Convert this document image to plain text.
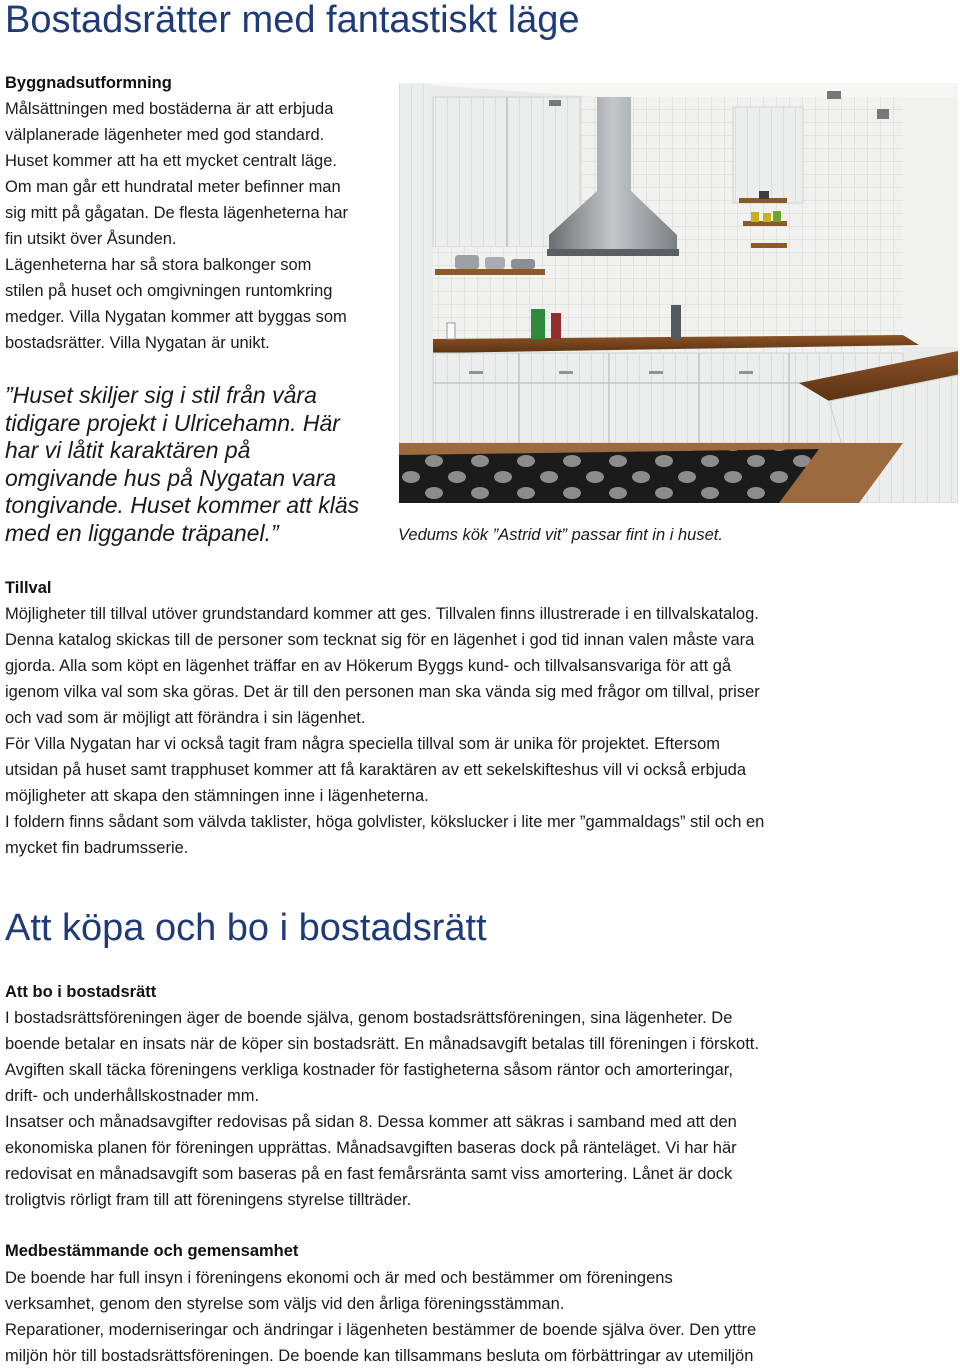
Bostadsrätter med fantastiskt läge
Byggnadsutformning
Målsättningen med bostäderna är att erbjuda
välplanerade lägenheter med god standard.
Huset kommer att ha ett mycket centralt läge.
Om man går ett hundratal meter befinner man
sig mitt på gågatan. De flesta lägenheterna har
fin utsikt över Åsunden.
Lägenheterna har så stora balkonger som
stilen på huset och omgivningen runtomkring
medger. Villa Nygatan kommer att byggas som
bostadsrätter. Villa Nygatan är unikt.
”Huset skiljer sig i stil från våra
tidigare projekt i Ulricehamn. Här
har vi låtit karaktären på
omgivande hus på Nygatan vara
tongivande. Huset kommer att kläs
med en liggande träpanel.”	Vedums kök ”Astrid vit” passar fint in i huset.
Tillval
Möjligheter till tillval utöver grundstandard kommer att ges. Tillvalen finns illustrerade i en tillvalskatalog.
Denna katalog skickas till de personer som tecknat sig för en lägenhet i god tid innan valen måste vara
gjorda. Alla som köpt en lägenhet träffar en av Hökerum Byggs kund- och tillvalsansvariga för att gå
igenom vilka val som ska göras. Det är till den personen man ska vända sig med frågor om tillval, priser
och vad som är möjligt att förändra i sin lägenhet.
För Villa Nygatan har vi också tagit fram några speciella tillval som är unika för projektet. Eftersom
utsidan på huset samt trapphuset kommer att få karaktären av ett sekelskifteshus vill vi också erbjuda
möjligheter att skapa den stämningen inne i lägenheterna.
I foldern finns sådant som välvda taklister, höga golvlister, kökslucker i lite mer ”gammaldags” stil och en
mycket fin badrumsserie.
Att köpa och bo i bostadsrätt
Att bo i bostadsrätt
I bostadsrättsföreningen äger de boende själva, genom bostadsrättsföreningen, sina lägenheter. De
boende betalar en insats när de köper sin bostadsrätt. En månadsavgift betalas till föreningen i förskott.
Avgiften skall täcka föreningens verkliga kostnader för fastigheterna såsom räntor och amorteringar,
drift- och underhållskostnader mm.
Insatser och månadsavgifter redovisas på sidan 8. Dessa kommer att säkras i samband med att den
ekonomiska planen för föreningen upprättas. Månadsavgiften baseras dock på ränteläget. Vi har här
redovisat en månadsavgift som baseras på en fast femårsränta samt viss amortering. Lånet är dock
troligtvis rörligt fram till att föreningens styrelse tillträder.
Medbestämmande och gemensamhet
De boende har full insyn i föreningens ekonomi och är med och bestämmer om föreningens
verksamhet, genom den styrelse som väljs vid den årliga föreningsstämman.
Reparationer, moderniseringar och ändringar i lägenheten bestämmer de boende själva över. Den yttre
miljön hör till bostadsrättsföreningen. De boende kan tillsammans besluta om förbättringar av utemiljön
